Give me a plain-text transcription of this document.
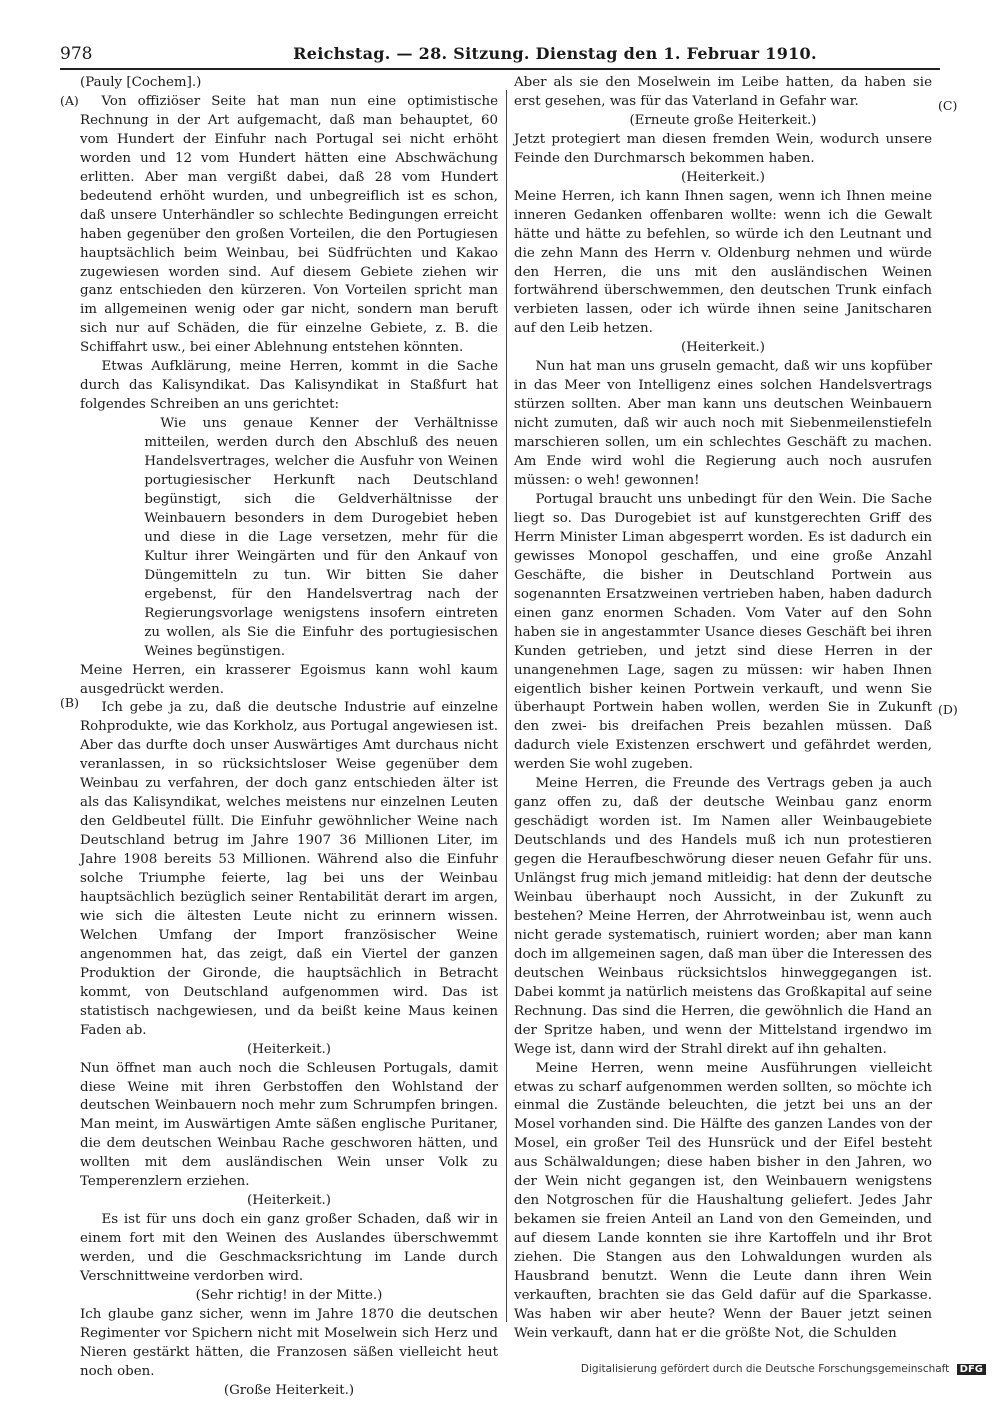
978	Reichstag. — 28. Sitzung. Dienstag den 1. Februar 1910.
(A)
(B)
(C)
(D)

(Pauly [Cochem].)

Von offiziöser Seite hat man nun eine optimistische Rechnung in der Art aufgemacht, daß man behauptet, 60 vom Hundert der Einfuhr nach Portugal sei nicht erhöht worden und 12 vom Hundert hätten eine Abschwächung erlitten. Aber man vergißt dabei, daß 28 vom Hundert bedeutend erhöht wurden, und unbegreiflich ist es schon, daß unsere Unterhändler so schlechte Bedingungen erreicht haben gegenüber den großen Vorteilen, die den Portugiesen hauptsächlich beim Weinbau, bei Südfrüchten und Kakao zugewiesen worden sind. Auf diesem Gebiete ziehen wir ganz entschieden den kürzeren. Von Vorteilen spricht man im allgemeinen wenig oder gar nicht, sondern man beruft sich nur auf Schäden, die für einzelne Gebiete, z. B. die Schiffahrt usw., bei einer Ablehnung entstehen könnten.

Etwas Aufklärung, meine Herren, kommt in die Sache durch das Kalisyndikat. Das Kalisyndikat in Staßfurt hat folgendes Schreiben an uns gerichtet:

Wie uns genaue Kenner der Verhältnisse mitteilen, werden durch den Abschluß des neuen Handelsvertrages, welcher die Ausfuhr von Weinen portugiesischer Herkunft nach Deutschland begünstigt, sich die Geldverhältnisse der Weinbauern besonders in dem Durogebiet heben und diese in die Lage versetzen, mehr für die Kultur ihrer Weingärten und für den Ankauf von Düngemitteln zu tun. Wir bitten Sie daher ergebenst, für den Handelsvertrag nach der Regierungsvorlage wenigstens insofern eintreten zu wollen, als Sie die Einfuhr des portugiesischen Weines begünstigen.

Meine Herren, ein krasserer Egoismus kann wohl kaum ausgedrückt werden.

Ich gebe ja zu, daß die deutsche Industrie auf einzelne Rohprodukte, wie das Korkholz, aus Portugal angewiesen ist. Aber das durfte doch unser Auswärtiges Amt durchaus nicht veranlassen, in so rücksichtsloser Weise gegenüber dem Weinbau zu verfahren, der doch ganz entschieden älter ist als das Kalisyndikat, welches meistens nur einzelnen Leuten den Geldbeutel füllt. Die Einfuhr gewöhnlicher Weine nach Deutschland betrug im Jahre 1907 36 Millionen Liter, im Jahre 1908 bereits 53 Millionen. Während also die Einfuhr solche Triumphe feierte, lag bei uns der Weinbau hauptsächlich bezüglich seiner Rentabilität derart im argen, wie sich die ältesten Leute nicht zu erinnern wissen. Welchen Umfang der Import französischer Weine angenommen hat, das zeigt, daß ein Viertel der ganzen Produktion der Gironde, die hauptsächlich in Betracht kommt, von Deutschland aufgenommen wird. Das ist statistisch nachgewiesen, und da beißt keine Maus keinen Faden ab.

(Heiterkeit.)

Nun öffnet man auch noch die Schleusen Portugals, damit diese Weine mit ihren Gerbstoffen den Wohlstand der deutschen Weinbauern noch mehr zum Schrumpfen bringen. Man meint, im Auswärtigen Amte säßen englische Puritaner, die dem deutschen Weinbau Rache geschworen hätten, und wollten mit dem ausländischen Wein unser Volk zu Temperenzlern erziehen.

(Heiterkeit.)

Es ist für uns doch ein ganz großer Schaden, daß wir in einem fort mit den Weinen des Auslandes überschwemmt werden, und die Geschmacksrichtung im Lande durch Verschnittweine verdorben wird.

(Sehr richtig! in der Mitte.)

Ich glaube ganz sicher, wenn im Jahre 1870 die deutschen Regimenter vor Spichern nicht mit Moselwein sich Herz und Nieren gestärkt hätten, die Franzosen säßen vielleicht heut noch oben.

(Große Heiterkeit.)

Aber als sie den Moselwein im Leibe hatten, da haben sie erst gesehen, was für das Vaterland in Gefahr war.

(Erneute große Heiterkeit.)

Jetzt protegiert man diesen fremden Wein, wodurch unsere Feinde den Durchmarsch bekommen haben.

(Heiterkeit.)

Meine Herren, ich kann Ihnen sagen, wenn ich Ihnen meine inneren Gedanken offenbaren wollte: wenn ich die Gewalt hätte und hätte zu befehlen, so würde ich den Leutnant und die zehn Mann des Herrn v. Oldenburg nehmen und würde den Herren, die uns mit den ausländischen Weinen fortwährend überschwemmen, den deutschen Trunk einfach verbieten lassen, oder ich würde ihnen seine Janitscharen auf den Leib hetzen.

(Heiterkeit.)

Nun hat man uns gruseln gemacht, daß wir uns kopfüber in das Meer von Intelligenz eines solchen Handelsvertrags stürzen sollten. Aber man kann uns deutschen Weinbauern nicht zumuten, daß wir auch noch mit Siebenmeilenstiefeln marschieren sollen, um ein schlechtes Geschäft zu machen. Am Ende wird wohl die Regierung auch noch ausrufen müssen: o weh! gewonnen!

Portugal braucht uns unbedingt für den Wein. Die Sache liegt so. Das Durogebiet ist auf kunstgerechten Griff des Herrn Minister Liman abgesperrt worden. Es ist dadurch ein gewisses Monopol geschaffen, und eine große Anzahl Geschäfte, die bisher in Deutschland Portwein aus sogenannten Ersatzweinen vertrieben haben, haben dadurch einen ganz enormen Schaden. Vom Vater auf den Sohn haben sie in angestammter Usance dieses Geschäft bei ihren Kunden getrieben, und jetzt sind diese Herren in der unangenehmen Lage, sagen zu müssen: wir haben Ihnen eigentlich bisher keinen Portwein verkauft, und wenn Sie überhaupt Portwein haben wollen, werden Sie in Zukunft den zwei- bis dreifachen Preis bezahlen müssen. Daß dadurch viele Existenzen erschwert und gefährdet werden, werden Sie wohl zugeben.

Meine Herren, die Freunde des Vertrags geben ja auch ganz offen zu, daß der deutsche Weinbau ganz enorm geschädigt worden ist. Im Namen aller Weinbaugebiete Deutschlands und des Handels muß ich nun protestieren gegen die Heraufbeschwörung dieser neuen Gefahr für uns. Unlängst frug mich jemand mitleidig: hat denn der deutsche Weinbau überhaupt noch Aussicht, in der Zukunft zu bestehen? Meine Herren, der Ahrrotweinbau ist, wenn auch nicht gerade systematisch, ruiniert worden; aber man kann doch im allgemeinen sagen, daß man über die Interessen des deutschen Weinbaus rücksichtslos hinweggegangen ist. Dabei kommt ja natürlich meistens das Großkapital auf seine Rechnung. Das sind die Herren, die gewöhnlich die Hand an der Spritze haben, und wenn der Mittelstand irgendwo im Wege ist, dann wird der Strahl direkt auf ihn gehalten.

Meine Herren, wenn meine Ausführungen vielleicht etwas zu scharf aufgenommen werden sollten, so möchte ich einmal die Zustände beleuchten, die jetzt bei uns an der Mosel vorhanden sind. Die Hälfte des ganzen Landes von der Mosel, ein großer Teil des Hunsrück und der Eifel besteht aus Schälwaldungen; diese haben bisher in den Jahren, wo der Wein nicht gegangen ist, den Weinbauern wenigstens den Notgroschen für die Haushaltung geliefert. Jedes Jahr bekamen sie freien Anteil an Land von den Gemeinden, und auf diesem Lande konnten sie ihre Kartoffeln und ihr Brot ziehen. Die Stangen aus den Lohwaldungen wurden als Hausbrand benutzt. Wenn die Leute dann ihren Wein verkauften, brachten sie das Geld dafür auf die Sparkasse. Was haben wir aber heute? Wenn der Bauer jetzt seinen Wein verkauft, dann hat er die größte Not, die Schulden

Digitalisierung gefördert durch die Deutsche Forschungsgemeinschaft DFG
